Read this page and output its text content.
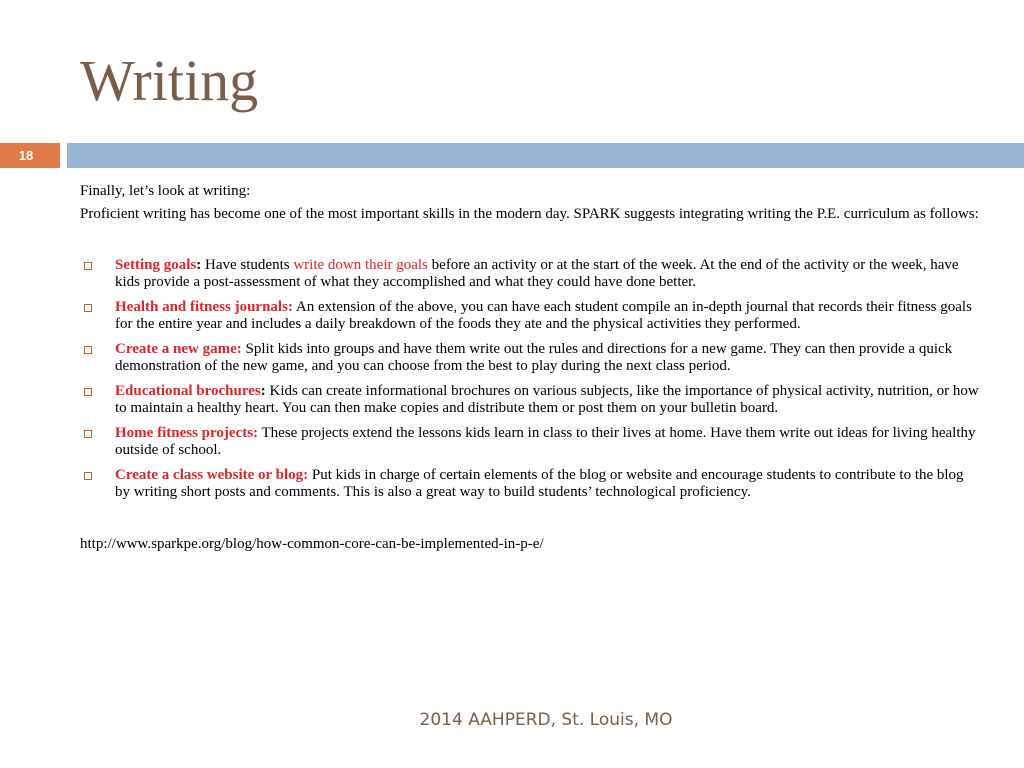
Writing
18

Finally, let’s look at writing:

Proficient writing has become one of the most important skills in the modern day. SPARK suggests integrating writing the P.E. curriculum as follows:

Setting goals: Have students write down their goals before an activity or at the start of the week. At the end of the activity or the week, have kids provide a post-assessment of what they accomplished and what they could have done better.
Health and fitness journals: An extension of the above, you can have each student compile an in-depth journal that records their fitness goals for the entire year and includes a daily breakdown of the foods they ate and the physical activities they performed.
Create a new game: Split kids into groups and have them write out the rules and directions for a new game. They can then provide a quick demonstration of the new game, and you can choose from the best to play during the next class period.
Educational brochures: Kids can create informational brochures on various subjects, like the importance of physical activity, nutrition, or how to maintain a healthy heart. You can then make copies and distribute them or post them on your bulletin board.
Home fitness projects: These projects extend the lessons kids learn in class to their lives at home. Have them write out ideas for living healthy outside of school.
Create a class website or blog: Put kids in charge of certain elements of the blog or website and encourage students to contribute to the blog by writing short posts and comments. This is also a great way to build students’ technological proficiency.
http://www.sparkpe.org/blog/how-common-core-can-be-implemented-in-p-e/
2014 AAHPERD, St. Louis, MO
